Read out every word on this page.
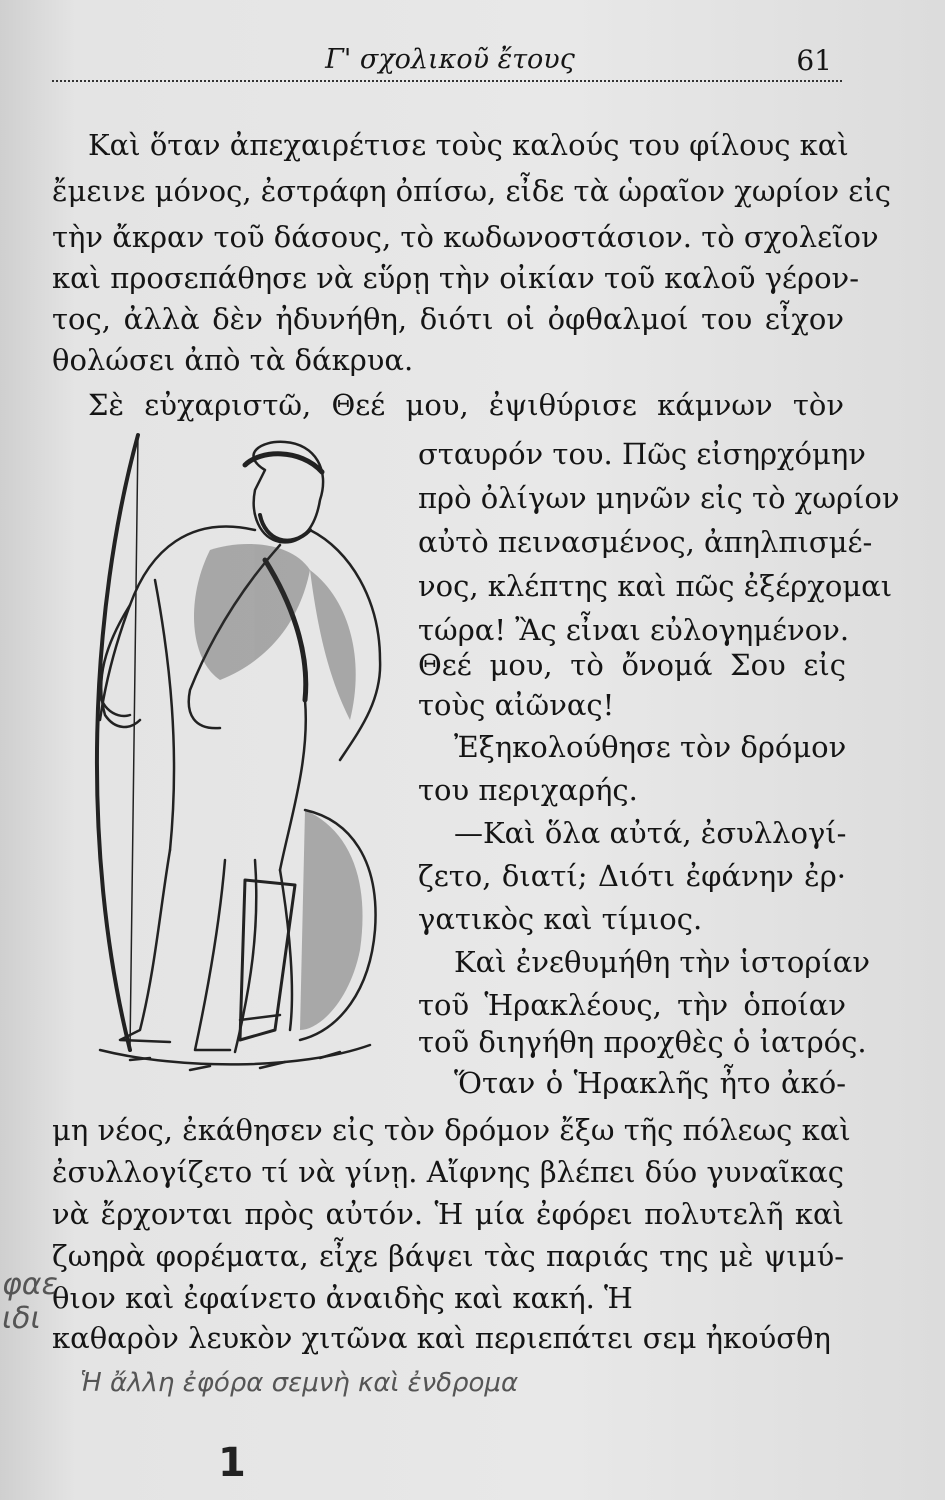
Γ' σχολικοῦ ἔτους	61
Καὶ ὅταν ἀπεχαιρέτισε τοὺς καλούς του φίλους καὶ
ἔμεινε μόνος, ἐστράφη ὀπίσω, εἶδε τὰ ὡραῖον χωρίον εἰς
τὴν ἄκραν τοῦ δάσους, τὸ κωδωνοστάσιον. τὸ σχολεῖον
καὶ προσεπάθησε νὰ εὕρῃ τὴν οἰκίαν τοῦ καλοῦ γέρον-
τος, ἀλλὰ δὲν ἠδυνήθη, διότι οἱ ὀφθαλμοί του εἶχον
θολώσει ἀπὸ τὰ δάκρυα.
Σὲ εὐχαριστῶ, Θεέ μου, ἐψιθύρισε κάμνων τὸν
σταυρόν του. Πῶς εἰσηρχόμην
πρὸ ὀλίγων μηνῶν εἰς τὸ χωρίον
αὐτὸ πεινασμένος, ἀπηλπισμέ-
νος, κλέπτης καὶ πῶς ἐξέρχομαι
τώρα! Ἂς εἶναι εὐλογημένον.
Θεέ μου, τὸ ὄνομά Σου εἰς
τοὺς αἰῶνας!
Ἐξηκολούθησε τὸν δρόμον
του περιχαρής.
—Καὶ ὅλα αὐτά, ἐσυλλογί-
ζετο, διατί; Διότι ἐφάνην ἐρ·
γατικὸς καὶ τίμιος.
Καὶ ἐνεθυμήθη τὴν ἱστορίαν
τοῦ Ἡρακλέους, τὴν ὁποίαν
τοῦ διηγήθη προχθὲς ὁ ἰατρός.
Ὅταν ὁ Ἡρακλῆς ἦτο ἀκό-
μη νέος, ἐκάθησεν εἰς τὸν δρόμον ἔξω τῆς πόλεως καὶ
ἐσυλλογίζετο τί νὰ γίνῃ. Αἴφνης βλέπει δύο γυναῖκας
νὰ ἔρχονται πρὸς αὐτόν. Ἡ μία ἐφόρει πολυτελῆ καὶ
ζωηρὰ φορέματα, εἶχε βάψει τὰς παριάς της μὲ ψιμύ-
θιον καὶ ἐφαίνετο ἀναιδὴς καὶ κακή. Ἡ
καθαρὸν λευκὸν χιτῶνα καὶ περιεπάτει σεμ ἠκούσθη
φαε ιδι
Ἡ ἄλλη ἐφόρα σεμνὴ καὶ ἐνδρομα
1
